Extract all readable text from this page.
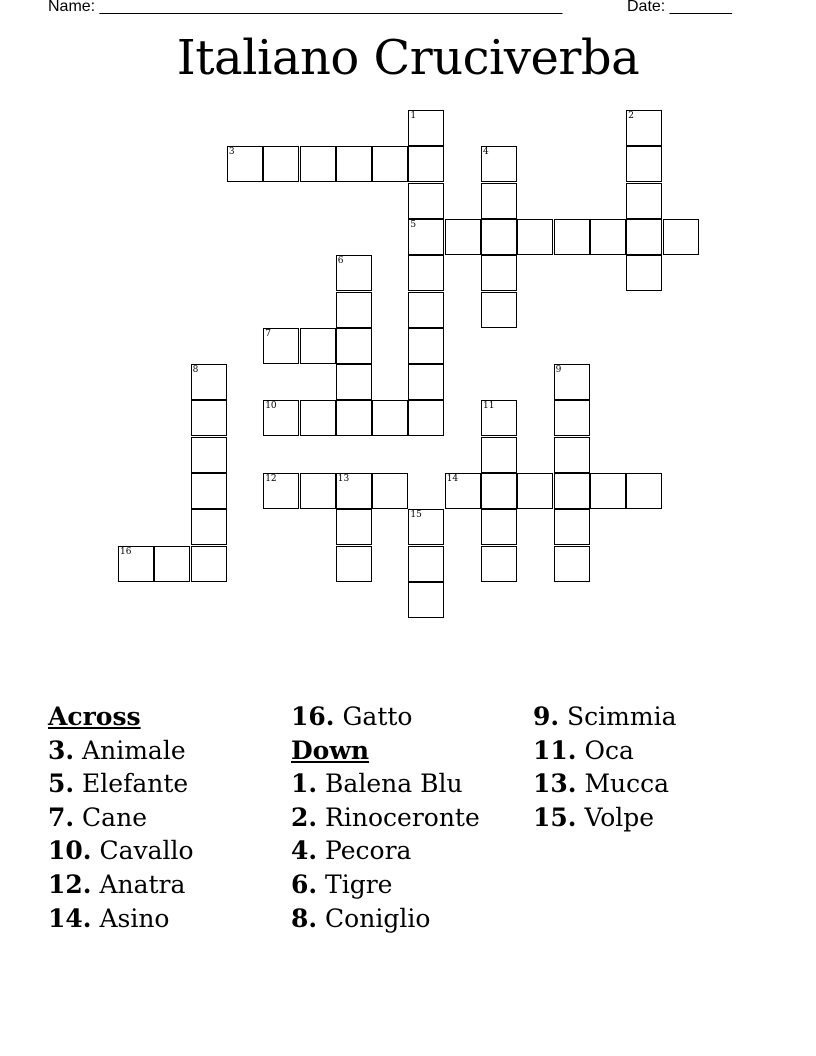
Name: ____________________________________________________	Date: _______
Italiano Cruciverba
1
5
2
3	4
6
7
8	9
10	11
12	13	14
15
16
Across
3. Animale
5. Elefante
7. Cane
10. Cavallo
12. Anatra
14. Asino
16. Gatto
Down
1. Balena Blu
2. Rinoceronte
4. Pecora
6. Tigre
8. Coniglio
9. Scimmia
11. Oca
13. Mucca
15. Volpe
